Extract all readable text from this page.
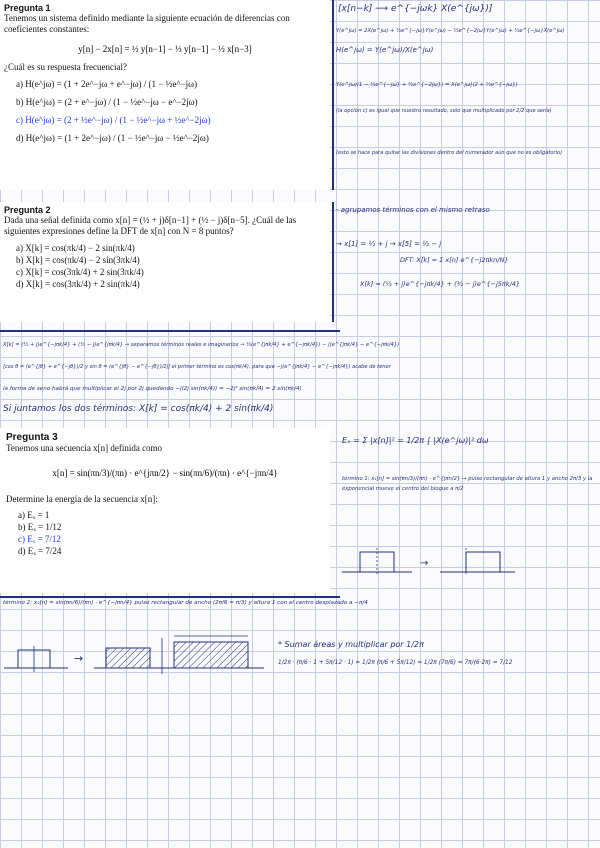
Pregunta 1
Tenemos un sistema definido mediante la siguiente ecuación de diferencias con coeficientes constantes:
y[n] − 2x[n] = ½ y[n−1] − ⅓ y[n−1] − ½ x[n−3]
¿Cuál es su respuesta frecuencial?
a) H(e^jω) = (1 + 2e^−jω + e^−jω) / (1 − ½e^−jω)
b) H(e^jω) = (2 + e^−jω) / (1 − ½e^−jω − e^−2jω)
c) H(e^jω) = (2 + ½e^−jω) / (1 − ½e^−jω + ½e^−2jω)
d) H(e^jω) = (1 + 2e^−jω) / (1 − ½e^−jω − ½e^−2jω)
Pregunta 2
Dada una señal definida como x[n] = (½ + j)δ[n−1] + (½ − j)δ[n−5]. ¿Cuál de las siguientes expresiones define la DFT de x[n] con N = 8 puntos?
a) X[k] = cos(πk/4) − 2 sin(πk/4)
b) X[k] = cos(πk/4) − 2 sin(3πk/4)
c) X[k] = cos(3πk/4) + 2 sin(3πk/4)
d) X[k] = cos(3πk/4) + 2 sin(πk/4)
Pregunta 3
Tenemos una secuencia x[n] definida como
x[n] = sin(πn/3)/(πn) · e^{jπn/2} − sin(πn/6)/(πn) · e^{−jπn/4}
Determine la energía de la secuencia x[n]:
a) Eₓ = 1
b) Eₓ = 1/12
c) Eₓ = 7/12
d) Eₓ = 7/24
[x[n−k] ⟶ e^{−jωk} X(e^{jω})]
Y(e^jω) = 2X(e^jω) + ½e^{−jω}Y(e^jω) − ½e^{−2jω}Y(e^jω) + ½e^{−jω}X(e^jω)
H(e^jω) = Y(e^jω)/X(e^jω)
Y(e^jω)(1 − ½e^{−jω} + ½e^{−2jω}) = X(e^jω)(2 + ½e^{−jω})
(la opción c) es igual que nuestro resultado, solo que multiplicado por 2/2 que sería)
(esto se hace para quitar las divisiones dentro del numerador aún que no es obligatorio)
- agrupamos términos con el mismo retraso
→ x[1] = ½ + j → x[5] = ½ − j
DFT: X[k] = Σ x[n] e^{−j2πkn/N}
X[k] = (½ + j)e^{−jπk/4} + (½ − j)e^{−j5πk/4}
X[k] = (½ + j)e^{−jπk/4} + (½ − j)e^{jπk/4} → separamos términos reales e imaginarios → ½(e^{jπk/4} + e^{−jπk/4}) − j(e^{jπk/4} − e^{−jπk/4})
[cos θ = (e^{jθ} + e^{−jθ})/2 y sin θ = (e^{jθ} − e^{−jθ})/2j] el primer término es cos(πk/4), para que −j(e^{jπk/4} − e^{−jπk/4}) acabe de tener
la forma de seno habrá que multiplicar el 2j por 2j quedando −j(2j sin(πk/4)) = −2j² sin(πk/4) = 2 sin(πk/4)
Si juntamos los dos términos: X[k] = cos(πk/4) + 2 sin(πk/4)
Eₓ = Σ |x[n]|² = 1/2π ∫ |X(e^jω)|² dω
término 1: x₁[n] = sin(πn/3)/(πn) · e^{jπn/2} → pulso rectangular de altura 1 y ancho 2π/3 y la exponencial mueve el centro del bloque a π/2
→
término 2: x₂[n] = sin(πn/6)/(πn) · e^{−jπn/4} pulso rectangular de ancho (2π/6 = π/3) y altura 1 con el centro desplazado a −π/4
→
* Sumar áreas y multiplicar por 1/2π
1/2π · (π/6 · 1 + 5π/12 · 1) = 1/2π (π/6 + 5π/12) = 1/2π (7π/6) = 7π/(6·2π) = 7/12
